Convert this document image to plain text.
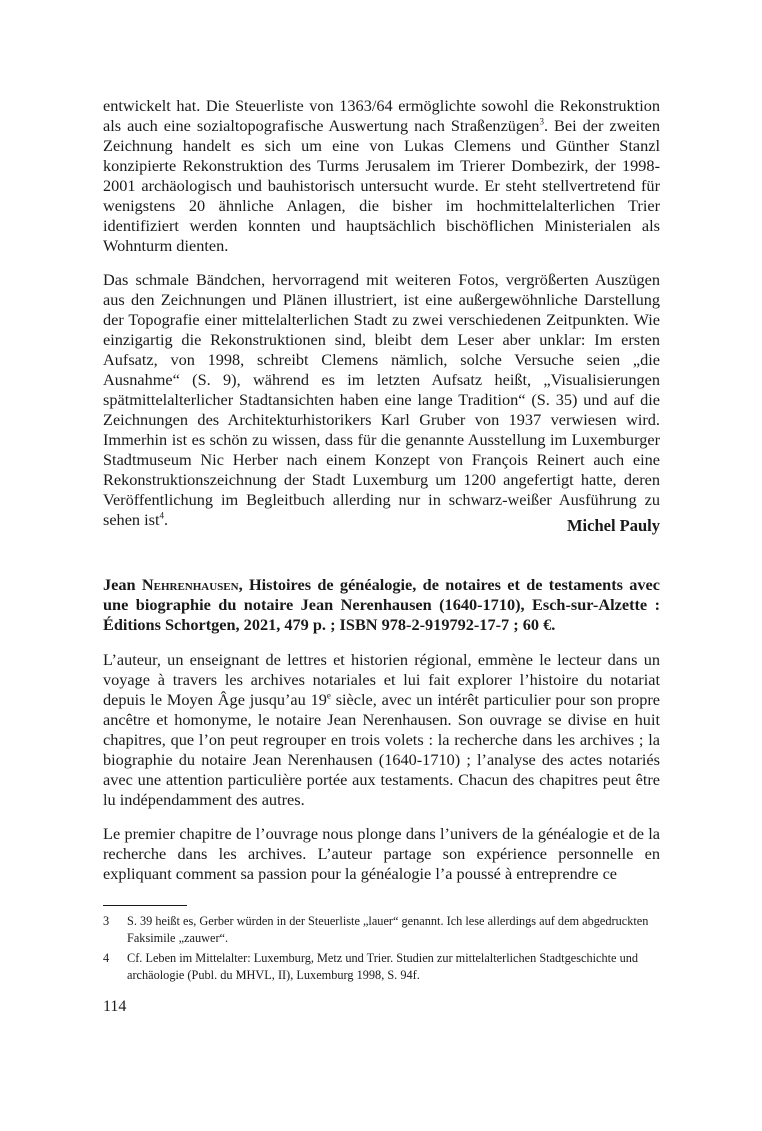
entwickelt hat. Die Steuerliste von 1363/64 ermöglichte sowohl die Rekonstruktion als auch eine sozialtopografische Auswertung nach Straßenzügen$^3$. Bei der zweiten Zeichnung handelt es sich um eine von Lukas Clemens und Günther Stanzl konzipierte Rekonstruktion des Turms Jerusalem im Trierer Dombezirk, der 1998-2001 archäologisch und bauhistorisch untersucht wurde. Er steht stellvertretend für wenigstens 20 ähnliche Anlagen, die bisher im hochmittelalterlichen Trier identifiziert werden konnten und hauptsächlich bischöflichen Ministerialen als Wohnturm dienten.

Das schmale Bändchen, hervorragend mit weiteren Fotos, vergrößerten Auszügen aus den Zeichnungen und Plänen illustriert, ist eine außergewöhnliche Darstellung der Topografie einer mittelalterlichen Stadt zu zwei verschiedenen Zeitpunkten. Wie einzigartig die Rekonstruktionen sind, bleibt dem Leser aber unklar: Im ersten Aufsatz, von 1998, schreibt Clemens nämlich, solche Versuche seien „die Ausnahme“ (S. 9), während es im letzten Aufsatz heißt, „Visualisierungen spätmittelalterlicher Stadtansichten haben eine lange Tradition“ (S. 35) und auf die Zeichnungen des Architekturhistorikers Karl Gruber von 1937 verwiesen wird. Immerhin ist es schön zu wissen, dass für die genannte Ausstellung im Luxemburger Stadtmuseum Nic Herber nach einem Konzept von François Reinert auch eine Rekonstruktionszeichnung der Stadt Luxemburg um 1200 angefertigt hatte, deren Veröffentlichung im Begleitbuch allerding nur in schwarz-weißer Ausführung zu sehen ist$^4$.	Michel Pauly

Jean Nehrenhausen, Histoires de généalogie, de notaires et de testaments avec une biographie du notaire Jean Nerenhausen (1640-1710), Esch-sur-Alzette : Éditions Schortgen, 2021, 479 p. ; ISBN 978-2-919792-17-7 ; 60 €.

L’auteur, un enseignant de lettres et historien régional, emmène le lecteur dans un voyage à travers les archives notariales et lui fait explorer l’histoire du notariat depuis le Moyen Âge jusqu’au 19e siècle, avec un intérêt particulier pour son propre ancêtre et homonyme, le notaire Jean Nerenhausen. Son ouvrage se divise en huit chapitres, que l’on peut regrouper en trois volets : la recherche dans les archives ; la biographie du notaire Jean Nerenhausen (1640-1710) ; l’analyse des actes notariés avec une attention particulière portée aux testaments. Chacun des chapitres peut être lu indépendamment des autres.

Le premier chapitre de l’ouvrage nous plonge dans l’univers de la généalogie et de la recherche dans les archives. L’auteur partage son expérience personnelle en expliquant comment sa passion pour la généalogie l’a poussé à entreprendre ce

3	S. 39 heißt es, Gerber würden in der Steuerliste „lauer“ genannt. Ich lese allerdings auf dem abgedruckten Faksimile „zauwer“.
4	Cf. Leben im Mittelalter: Luxemburg, Metz und Trier. Studien zur mittelalterlichen Stadtgeschichte und archäologie (Publ. du MHVL, II), Luxemburg 1998, S. 94f.
114
